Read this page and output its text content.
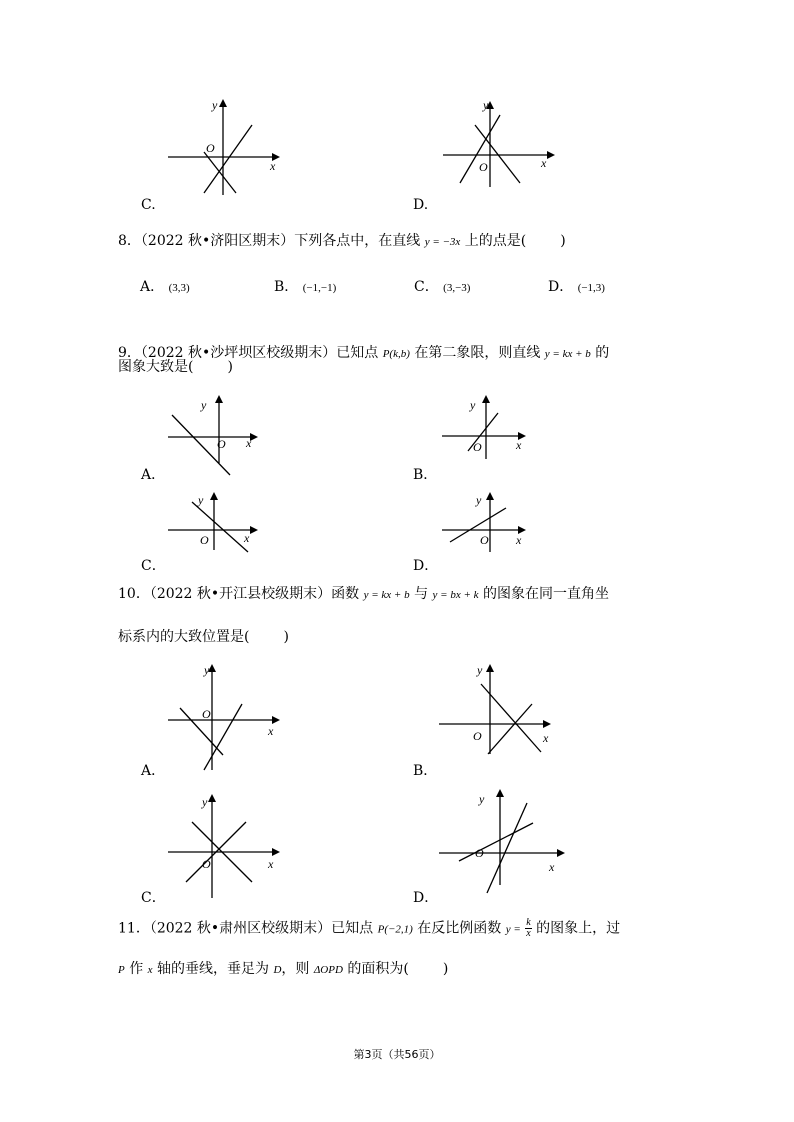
O
x
y
C.
O	x
y
D.
8．（2022 秋•济阳区期末）下列各点中，在直线 y = −3x 上的点是( )
A． (3,3)	B． (−1,−1)	C． (3,−3)	D． (−1,3)
9．（2022 秋•沙坪坝区校级期末）已知点 P(k,b) 在第二象限，则直线 y = kx + b 的
图象大致是( )
O x
y
A．
O	x
y
B．
O	x
y
C．
O x
y
D．
10．（2022 秋•开江县校级期末）函数 y = kx + b 与 y = bx + k 的图象在同一直角坐
标系内的大致位置是( )
O
x
y
A．
O	x
y
B．
O	x
y
C．
O
x
y
D．
11．（2022 秋•肃州区校级期末）已知点 P(−2,1) 在反比例函数 $y = \frac{k}{x}$ 的图象上，过
P 作 x 轴的垂线，垂足为 D，则 ΔOPD 的面积为( )
第3页（共56页）
